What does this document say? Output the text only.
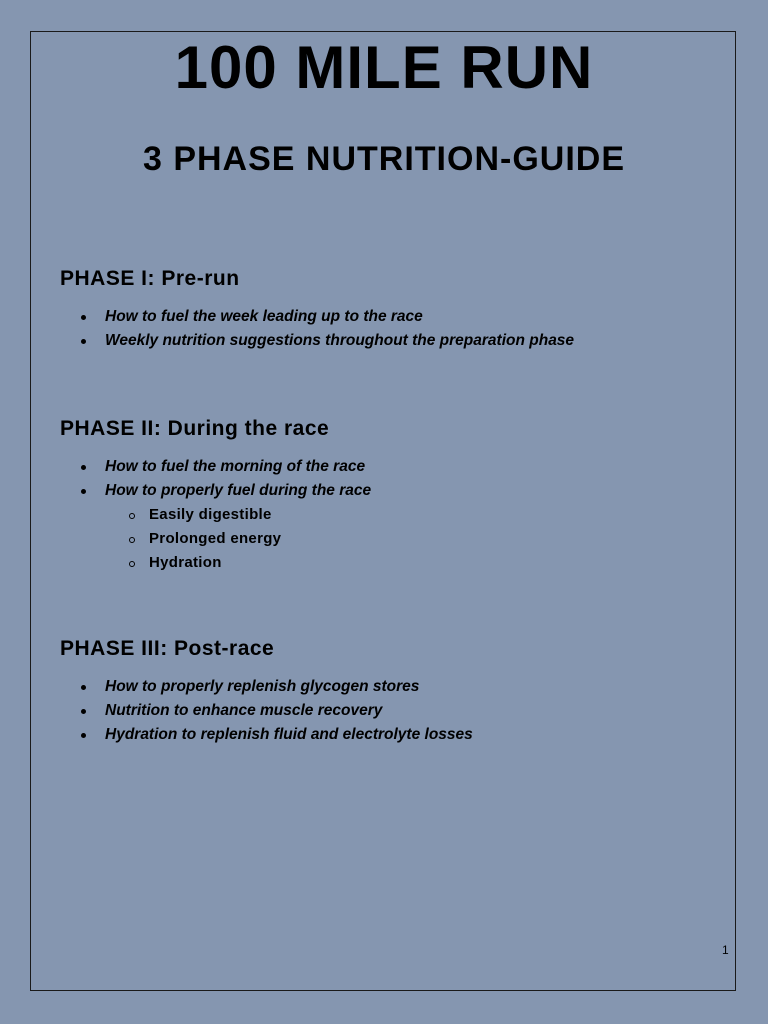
100 MILE RUN
3 PHASE NUTRITION-GUIDE
PHASE I: Pre-run
How to fuel the week leading up to the race
Weekly nutrition suggestions throughout the preparation phase
PHASE II: During the race
How to fuel the morning of the race
How to properly fuel during the race
Easily digestible
Prolonged energy
Hydration
PHASE III: Post-race
How to properly replenish glycogen stores
Nutrition to enhance muscle recovery
Hydration to replenish fluid and electrolyte losses
1
